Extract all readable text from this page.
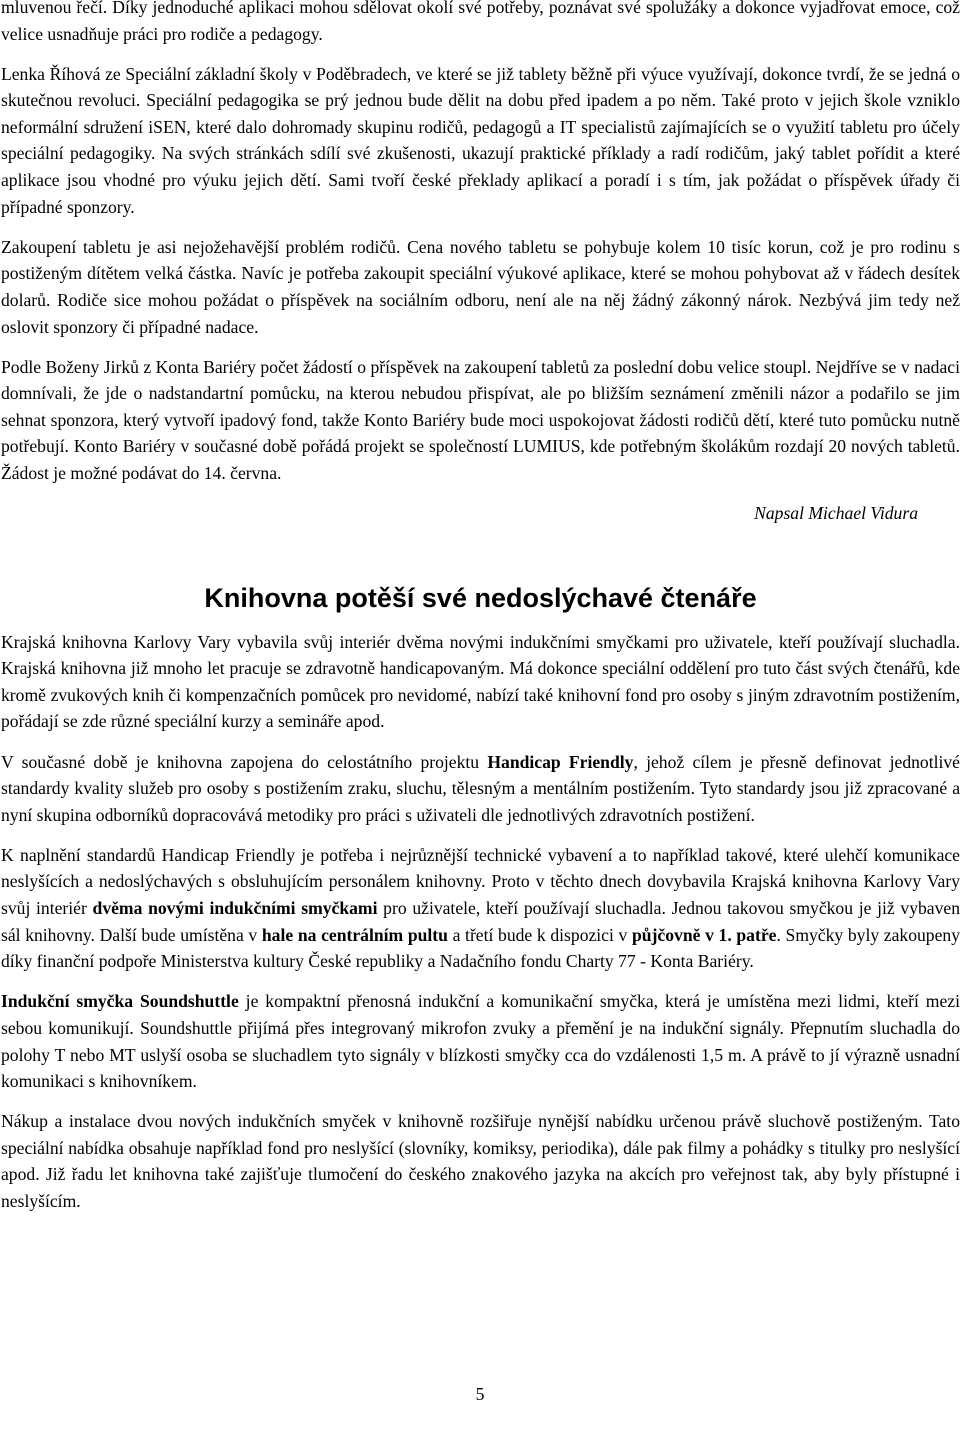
mluvenou řečí. Díky jednoduché aplikaci mohou sdělovat okolí své potřeby, poznávat své spolužáky a dokonce vyjadřovat emoce, což velice usnadňuje práci pro rodiče a pedagogy.

Lenka Říhová ze Speciální základní školy v Poděbradech, ve které se již tablety běžně při výuce využívají, dokonce tvrdí, že se jedná o skutečnou revoluci. Speciální pedagogika se prý jednou bude dělit na dobu před ipadem a po něm. Také proto v jejich škole vzniklo neformální sdružení iSEN, které dalo dohromady skupinu rodičů, pedagogů a IT specialistů zajímajících se o využití tabletu pro účely speciální pedagogiky. Na svých stránkách sdílí své zkušenosti, ukazují praktické příklady a radí rodičům, jaký tablet pořídit a které aplikace jsou vhodné pro výuku jejich dětí. Sami tvoří české překlady aplikací a poradí i s tím, jak požádat o příspěvek úřady či případné sponzory.

Zakoupení tabletu je asi nejožehavější problém rodičů. Cena nového tabletu se pohybuje kolem 10 tisíc korun, což je pro rodinu s postiženým dítětem velká částka. Navíc je potřeba zakoupit speciální výukové aplikace, které se mohou pohybovat až v řádech desítek dolarů. Rodiče sice mohou požádat o příspěvek na sociálním odboru, není ale na něj žádný zákonný nárok. Nezbývá jim tedy než oslovit sponzory či případné nadace.

Podle Boženy Jirků z Konta Bariéry počet žádostí o příspěvek na zakoupení tabletů za poslední dobu velice stoupl. Nejdříve se v nadaci domnívali, že jde o nadstandartní pomůcku, na kterou nebudou přispívat, ale po bližším seznámení změnili názor a podařilo se jim sehnat sponzora, který vytvoří ipadový fond, takže Konto Bariéry bude moci uspokojovat žádosti rodičů dětí, které tuto pomůcku nutně potřebují. Konto Bariéry v současné době pořádá projekt se společností LUMIUS, kde potřebným školákům rozdají 20 nových tabletů. Žádost je možné podávat do 14. června.

Napsal Michael Vidura
Knihovna potěší své nedoslýchavé čtenáře

Krajská knihovna Karlovy Vary vybavila svůj interiér dvěma novými indukčními smyčkami pro uživatele, kteří používají sluchadla. Krajská knihovna již mnoho let pracuje se zdravotně handicapovaným. Má dokonce speciální oddělení pro tuto část svých čtenářů, kde kromě zvukových knih či kompenzačních pomůcek pro nevidomé, nabízí také knihovní fond pro osoby s jiným zdravotním postižením, pořádají se zde různé speciální kurzy a semináře apod.

V současné době je knihovna zapojena do celostátního projektu Handicap Friendly, jehož cílem je přesně definovat jednotlivé standardy kvality služeb pro osoby s postižením zraku, sluchu, tělesným a mentálním postižením. Tyto standardy jsou již zpracované a nyní skupina odborníků dopracovává metodiky pro práci s uživateli dle jednotlivých zdravotních postižení.

K naplnění standardů Handicap Friendly je potřeba i nejrůznější technické vybavení a to například takové, které ulehčí komunikace neslyšících a nedoslýchavých s obsluhujícím personálem knihovny. Proto v těchto dnech dovybavila Krajská knihovna Karlovy Vary svůj interiér dvěma novými indukčními smyčkami pro uživatele, kteří používají sluchadla. Jednou takovou smyčkou je již vybaven sál knihovny. Další bude umístěna v hale na centrálním pultu a třetí bude k dispozici v půjčovně v 1. patře. Smyčky byly zakoupeny díky finanční podpoře Ministerstva kultury České republiky a Nadačního fondu Charty 77 - Konta Bariéry.

Indukční smyčka Soundshuttle je kompaktní přenosná indukční a komunikační smyčka, která je umístěna mezi lidmi, kteří mezi sebou komunikují. Soundshuttle přijímá přes integrovaný mikrofon zvuky a přemění je na indukční signály. Přepnutím sluchadla do polohy T nebo MT uslyší osoba se sluchadlem tyto signály v blízkosti smyčky cca do vzdálenosti 1,5 m. A právě to jí výrazně usnadní komunikaci s knihovníkem.

Nákup a instalace dvou nových indukčních smyček v knihovně rozšiřuje nynější nabídku určenou právě sluchově postiženým. Tato speciální nabídka obsahuje například fond pro neslyšící (slovníky, komiksy, periodika), dále pak filmy a pohádky s titulky pro neslyšící apod. Již řadu let knihovna také zajišťuje tlumočení do českého znakového jazyka na akcích pro veřejnost tak, aby byly přístupné i neslyšícím.

5
